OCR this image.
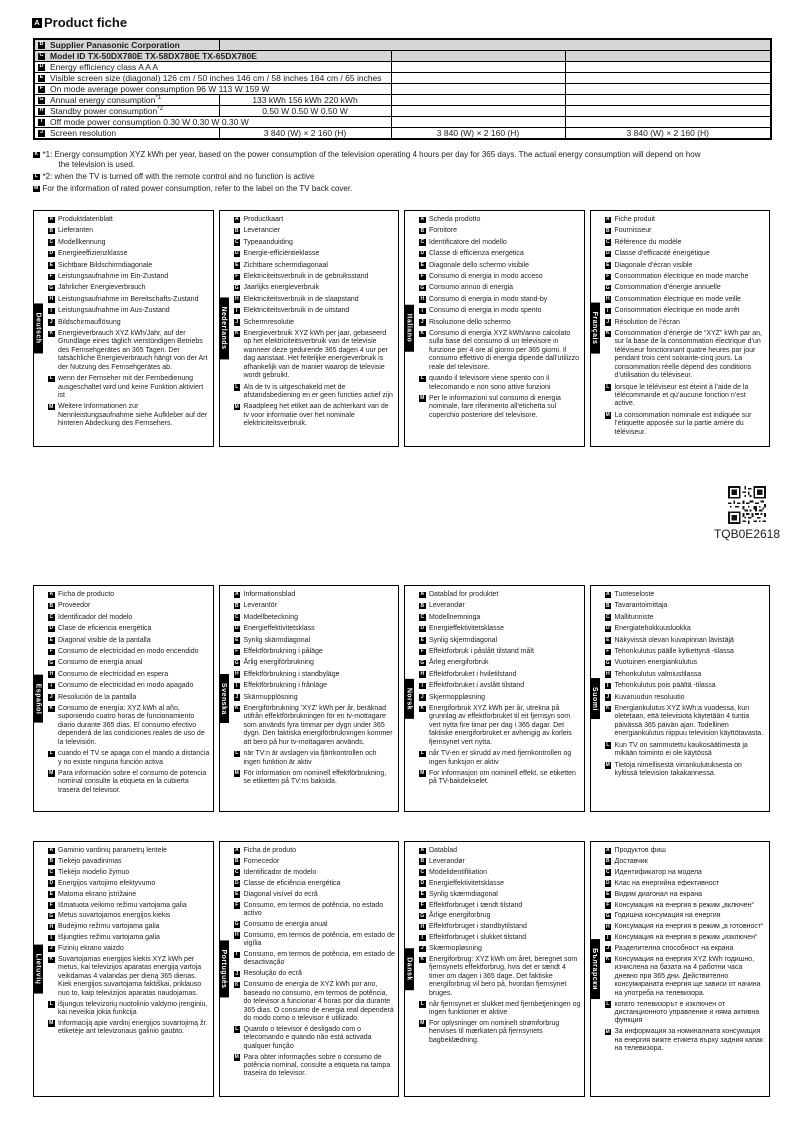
A Product fiche
B Supplier Panasonic Corporation			

C Model ID TX-50DX780E TX-58DX780E TX-65DX780E			

D Energy efficiency class A A A			

E Visible screen size (diagonal) 126 cm / 50 inches 146 cm / 58 inches 164 cm / 65 inches			

F On mode average power consumption 96 W 113 W 159 W			

G Annual energy consumption$^{*1}$	133 kWh 156 kWh 220 kWh		

H Standby power consumption$^{*2}$	0.50 W 0.50 W 0.50 W		

I Off mode power consumption 0.30 W 0.30 W 0.30 W			

J Screen resolution	3 840 (W) × 2 160 (H)	3 840 (W) × 2 160 (H)	3 840 (W) × 2 160 (H)
K *1: Energy consumption XYZ kWh per year, based on the power consumption of the television operating 4 hours per day for 365 days. The actual energy consumption will depend on how
the television is used.
L *2: when the TV is turned off with the remote control and no function is active
M For the information of rated power consumption, refer to the label on the TV back cover.
Deutsch
A Produktdatenblatt
B Lieferanten
C Modellkennung
D Energieeffizienzklasse
E Sichtbare Bildschirmdiagonale
F Leistungsaufnahme im Ein-Zustand
G Jährlicher Energieverbrauch
H Leistungsaufnahme im Bereitschafts-Zustand
I Leistungsaufnahme im Aus-Zustand
J Bildschirmauflösung
K Energieverbrauch XYZ kWh/Jahr, auf der Grundlage eines täglich vierstündigen Betriebs des Fernsehgerätes an 365 Tagen. Der tatsächliche Energieverbrauch hängt von der Art der Nutzung des Fernsehgerätes ab.
L wenn der Fernseher mit der Fernbedienung ausgeschaltet wird und keine Funktion aktiviert ist
M Weitere Informationen zur Nennleistungsaufnahme siehe Aufkleber auf der hinteren Abdeckung des Fernsehers.
Nederlands
A Productkaart
B Leverancier
C Typeaanduiding
D Energie-efficiëntieklasse
E Zichtbare schermdiagonaal
F Elektriciteitsverbruik in de gebruiksstand
G Jaarlijks energieverbruik
H Elektriciteitsverbruik in de slaapstand
I Elektriciteitsverbruik in de uitstand
J Schermresolutie
K Energieverbruik XYZ kWh per jaar, gebaseerd op het elektriciteitsverbruik van de televisie wanneer deze gedurende 365 dagen 4 uur per dag aanstaat. Het feitelijke energieverbruik is afhankelijk van de manier waarop de televisie wordt gebruikt.
L Als de tv is uitgeschakeld met de afstandsbediening en er geen functies actief zijn
M Raadpleeg het etiket aan de achterkant van de tv voor informatie over het nominale elektriciteitsverbruik.
Italiano
A Scheda prodotto
B Fornitore
C Identificatore del modello
D Classe di efficienza energetica
E Diagonale dello schermo visibile
F Consumo di energia in modo acceso
G Consumo annuo di energia
H Consumo di energia in modo stand-by
I Consumo di energia in modo spento
J Risoluzione dello schermo
K Consumo di energia XYZ kWh/anno calcolato sulla base del consumo di un televisore in funzione per 4 ore al giorno per 365 giorni. Il consumo effettivo di energia dipende dall’utilizzo reale del televisore.
L quando il televisore viene spento con il telecomando e non sono attive funzioni
M Per le informazioni sul consumo di energia nominale, fare riferimento all’etichetta sul coperchio posteriore del televisore.
Français
A Fiche produit
B Fournisseur
C Référence du modèle
D Classe d’efficacité énergétique
E Diagonale d’écran visible
F Consommation électrique en mode marche
G Consommation d’énergie annuelle
H Consommation électrique en mode veille
I Consommation électrique en mode arrêt
J Résolution de l’écran
K Consommation d’énergie de “XYZ” kWh par an, sur la base de la consommation électrique d’un téléviseur fonctionnant quatre heures par jour pendant trois cent soixante-cinq jours. La consommation réelle dépend des conditions d’utilisation du téléviseur.
L lorsque le téléviseur est éteint à l’aide de la télécommande et qu’aucune fonction n’est active.
M La consommation nominale est indiquée sur l’étiquette apposée sur la partie arrière du téléviseur.
TQB0E2618
Español
A Ficha de producto
B Proveedor
C Identificador del modelo
D Clase de eficiencia energética
E Diagonal visible de la pantalla
F Consumo de electricidad en modo encendido
G Consumo de energía anual
H Consumo de electricidad en espera
I Consumo de electricidad en modo apagado
J Resolución de la pantalla
K Consumo de energía: XYZ kWh al año, suponiendo cuatro horas de funcionamiento diario durante 365 días. El consumo efectivo dependerá de las condiciones reales de uso de la televisión.
L cuando el TV se apaga con el mando a distancia y no existe ninguna función activa
M Para información sobre el consumo de potencia nominal consulte la etiqueta en la cubierta trasera del televisor.
Svenska
A Informationsblad
B Leverantör
C Modellbeteckning
D Energieffektivitetsklass
E Synlig skärmdiagonal
F Effektförbrukning i påläge
G Årlig energiförbrukning
H Effektförbrukning i standbyläge
I Effektförbrukning i frånläge
J Skärmupplösning
K Energiförbrukning ’XYZ’ kWh per år, beräknad utifrån effektförbrukningen för en tv-mottagare som används fyra timmar per dygn under 365 dygn. Den faktiska energiförbrukningen kommer att bero på hur tv-mottagaren används.
L när TV:n är avslagen via fjärrkontrollen och ingen funktion är aktiv
M För information om nominell effektförbrukning, se etiketten på TV:ns baksida.
Norsk
A Datablad for produktet
B Leverandør
C Modellnemninga
D Energieffektivitetsklasse
E Synlig skjermdiagonal
F Effektforbruk i påslått tilstand målt
G Årleg energiforbruk
H Effektforbruket i hviletilstand
I Effektforbruket i avslått tilstand
J Skjermoppløsning
K Energiforbruk XYZ kWh per år, utrekna på grunnlag av effektforbruket til eit fjernsyn som vert nytta fire timar per dag i 365 dagar. Det faktiske energiforbruket er avhengig av korleis fjernsynet vert nytta.
L når TV-en er skrudd av med fjernkontrollen og ingen funksjon er aktiv
M For informasjon om nominell effekt, se etiketten på TV-bakdekselet.
Suomi
A Tuoteseloste
B Tavarantoimittaja
C Mallitunniste
D Energiatehokkuusluokka
E Näkyvissä olevan kuvapinnan lävistäjä
F Tehonkulutus päälle kytkettynä -tilassa
G Vuotuinen energiankulutus
H Tehonkulutus valmiustilassa
I Tehonkulutus pois päältä -tilassa
J Kuvaruudun resoluutio
K Energiankulutus XYZ kWh:a vuodessa, kun oletetaan, että televisiota käytetään 4 tuntia päivässä 365 päivän ajan. Todellinen energiankulutus riippuu television käyttötavasta.
L Kun TV on sammutettu kaukosäätimestä ja mikään toiminto ei ole käytössä
M Tietoja nimellisestä virrankulutuksesta on kyltissä television takakannessa.
Lietuvių
A Gaminio vardinių parametrų lentelė
B Tiekėjo pavadinimas
C Tiekėjo modelio žymuo
D Energijos vartojimo efektyvumo
E Matoma ekrano įstrižainė
F Išmatuota veikimo režimu vartojama galia
G Metus suvartojamos energijos kiekis
H Budėjimo režimu vartojama galia
I Išjungties režimu vartojama galia
J Fizinių ekrano vaizdo
K Suvartojamas energijos kiekis XYZ kWh per metus, kai televizijos aparatas energiją vartoja veikdamas 4 valandas per dieną 365 dienas. Kiek energijos suvartojama faktiškai, priklauso nuo to, kaip televizijos aparatas naudojamas.
L išjungus televizorių nuotolinio valdymo įrenginiu, kai neveikia jokia funkcija
M Informaciją apie vardinį energijos suvartojimą žr. etiketėje ant televizoriaus galinio gaubto.
Português
A Ficha de produto
B Fornecedor
C Identificador de modelo
D Classe de eficiência energética
E Diagonal visível do ecrã
F Consumo, em termos de potência, no estado activo
G Consumo de energia anual
H Consumo, em termos de potência, em estado de vigília
I Consumo, em termos de potência, em estado de desactivação
J Resolução do ecrã
K Consumo de energia de XYZ kWh por ano, baseado no consumo, em termos de potência, do televisor a funcionar 4 horas por dia durante 365 dias. O consumo de energia real dependerá do modo como o televisor é utilizado.
L Quando o televisor é desligado com o telecomando e quando não está activada qualquer função
M Para obter informações sobre o consumo de potência nominal, consulte a etiqueta na tampa traseira do televisor.
Dansk
A Datablad
B Leverandør
C Modelidentifikation
D Energieffektivitetsklasse
E Synlig skærmdiagonal
F Effektforbruget i tændt tilstand
G Årlige energiforbrug
H Effektforbruget i standbytilstand
I Effektforbruget i slukket tilstand
J Skærmopløsning
K Energiforbrug: XYZ kWh om året, beregnet som fjernsynets effektforbrug, hvis det er tændt 4 timer om dagen i 365 dage. Det faktiske energiforbrug vil bero på, hvordan fjernsynet bruges.
L når fjernsynet er slukket med fjernbetjeningen og ingen funktioner er aktive
M For oplysninger om nominelt strømforbrug henvises til mærkaten på fjernsynets bagbeklædning.
Български
A Продуктов фиш
B Доставчик
C Идентификатор на модела
D Клас на енергийна ефективност
E Видим диагонал на екрана
F Консумация на енергия в режим „включен“
G Годишна консумация на енергия
H Консумация на енергия в режим „в готовност“
I Консумация на енергия в режим „изключен“
J Разделителна способност на екрана
K Консумация на енергия XYZ kWh годишно, изчислена на базата на 4 работни часа дневно при 365 дни. Действително консумираната енергия ще зависи от начина на употреба на телевизора.
L когато телевизорът е изключен от дистанционното управление и няма активна функция
M За информация за номиналната консумация на енергия вижте етикета върху задния капак на телевизора.
